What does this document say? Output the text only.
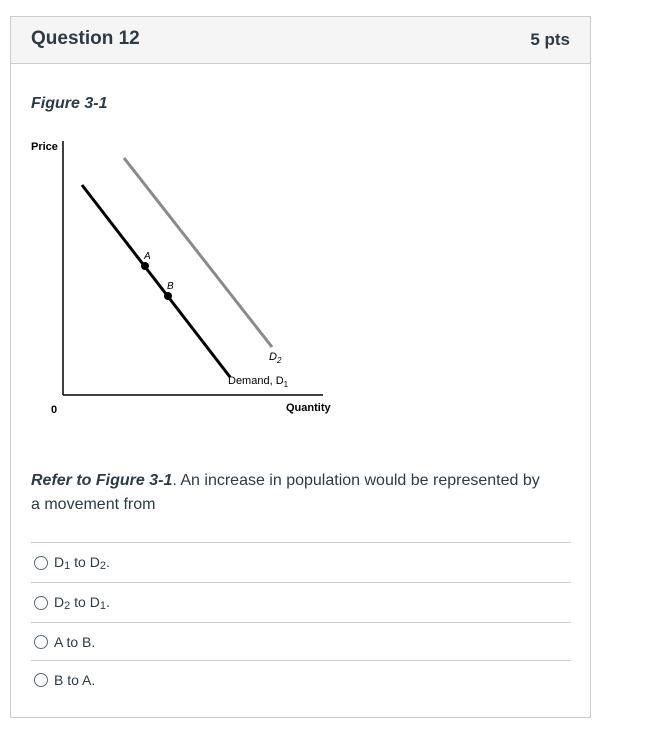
Question 12	5 pts
Figure 3-1
Price
Quantity
0
A
B
$D_2$
Demand, $D_1$
Refer to Figure 3-1. An increase in population would be represented by a movement from
$D_1$ to $D_2$.
$D_2$ to $D_1$.
A to B.
B to A.
